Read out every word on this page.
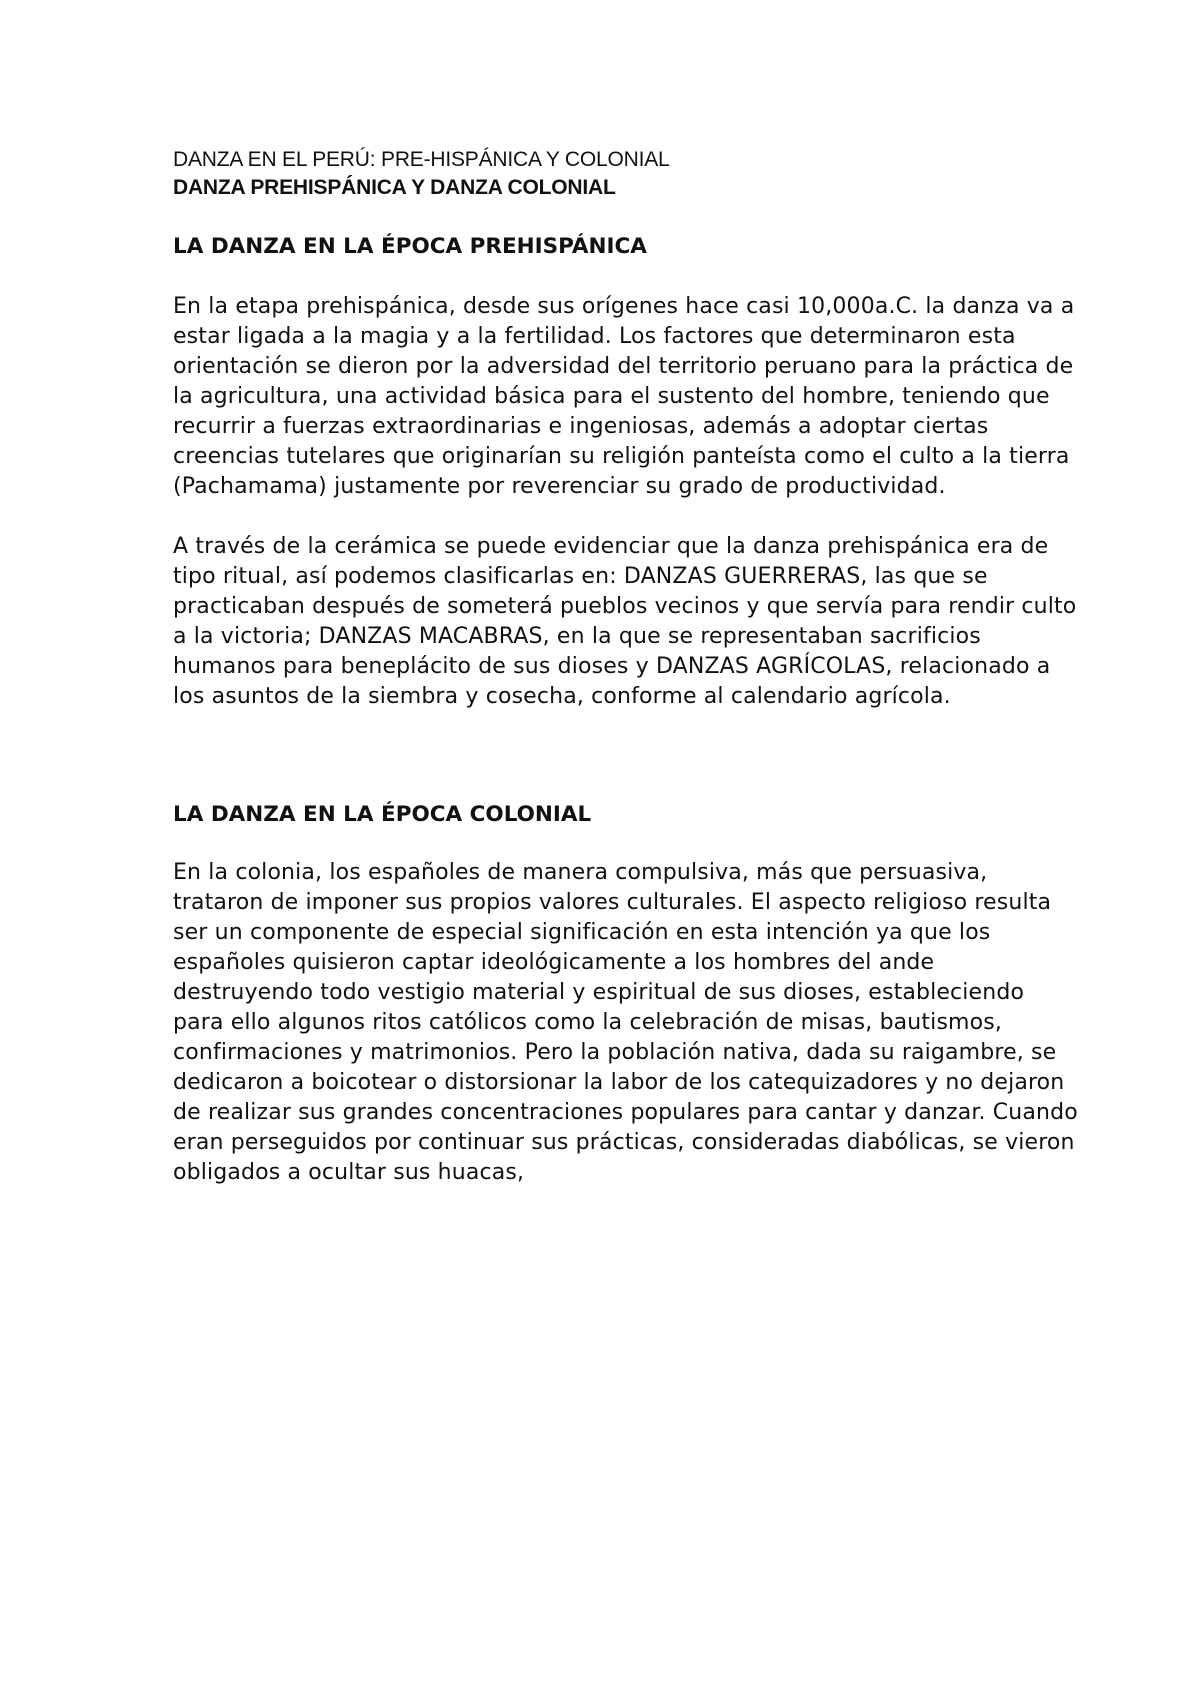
DANZA EN EL PERÚ: PRE-HISPÁNICA Y COLONIAL

DANZA PREHISPÁNICA Y DANZA COLONIAL

LA DANZA EN LA ÉPOCA PREHISPÁNICA

En la etapa prehispánica, desde sus orígenes hace casi 10,000a.C. la danza va a estar ligada a la magia y a la fertilidad. Los factores que determinaron esta orientación se dieron por la adversidad del territorio peruano para la práctica de la agricultura, una actividad básica para el sustento del hombre, teniendo que recurrir a fuerzas extraordinarias e ingeniosas, además a adoptar ciertas creencias tutelares que originarían su religión panteísta como el culto a la tierra (Pachamama) justamente por reverenciar su grado de productividad.

A través de la cerámica se puede evidenciar que la danza prehispánica era de tipo ritual, así podemos clasificarlas en: DANZAS GUERRERAS, las que se practicaban después de someterá pueblos vecinos y que servía para rendir culto a la victoria; DANZAS MACABRAS, en la que se representaban sacrificios humanos para beneplácito de sus dioses y DANZAS AGRÍCOLAS, relacionado a los asuntos de la siembra y cosecha, conforme al calendario agrícola.

LA DANZA EN LA ÉPOCA COLONIAL

En la colonia, los españoles de manera compulsiva, más que persuasiva, trataron de imponer sus propios valores culturales. El aspecto religioso resulta ser un componente de especial significación en esta intención ya que los españoles quisieron captar ideológicamente a los hombres del ande destruyendo todo vestigio material y espiritual de sus dioses, estableciendo para ello algunos ritos católicos como la celebración de misas, bautismos, confirmaciones y matrimonios. Pero la población nativa, dada su raigambre, se dedicaron a boicotear o distorsionar la labor de los catequizadores y no dejaron de realizar sus grandes concentraciones populares para cantar y danzar. Cuando eran perseguidos por continuar sus prácticas, consideradas diabólicas, se vieron obligados a ocultar sus huacas,
